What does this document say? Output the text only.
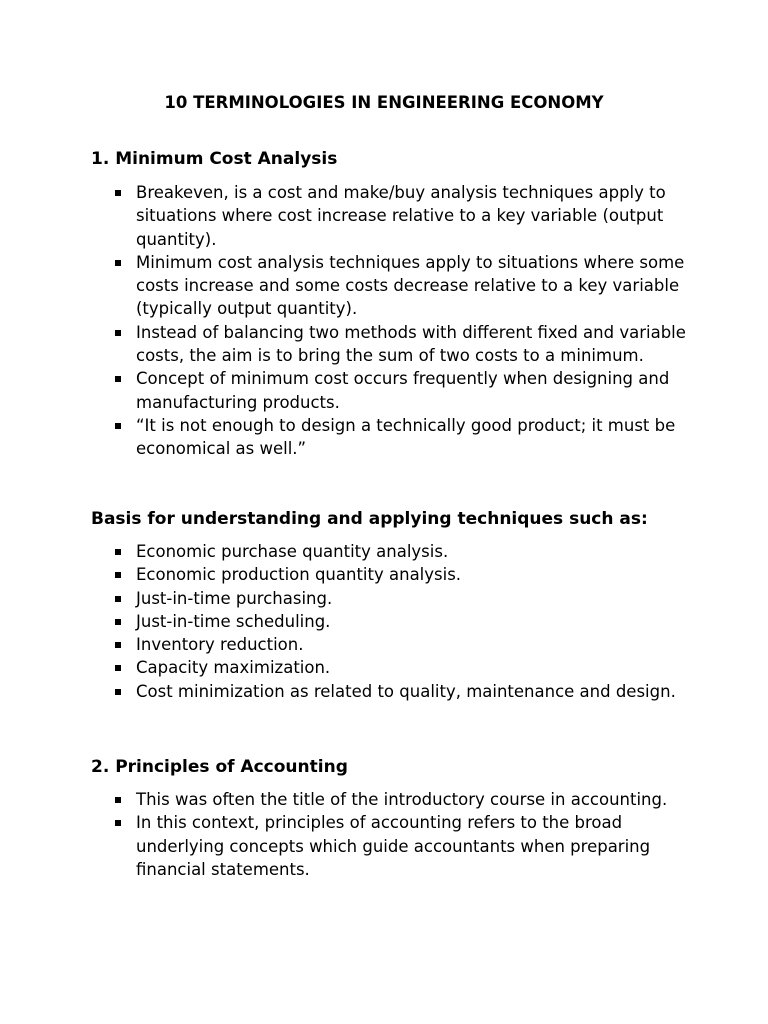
10 TERMINOLOGIES IN ENGINEERING ECONOMY
1. Minimum Cost Analysis
Breakeven, is a cost and make/buy analysis techniques apply to situations where cost increase relative to a key variable (output quantity).
Minimum cost analysis techniques apply to situations where some costs increase and some costs decrease relative to a key variable (typically output quantity).
Instead of balancing two methods with different fixed and variable costs, the aim is to bring the sum of two costs to a minimum.
Concept of minimum cost occurs frequently when designing and manufacturing products.
“It is not enough to design a technically good product; it must be economical as well.”
Basis for understanding and applying techniques such as:
Economic purchase quantity analysis.
Economic production quantity analysis.
Just-in-time purchasing.
Just-in-time scheduling.
Inventory reduction.
Capacity maximization.
Cost minimization as related to quality, maintenance and design.
2. Principles of Accounting
This was often the title of the introductory course in accounting.
In this context, principles of accounting refers to the broad underlying concepts which guide accountants when preparing financial statements.
